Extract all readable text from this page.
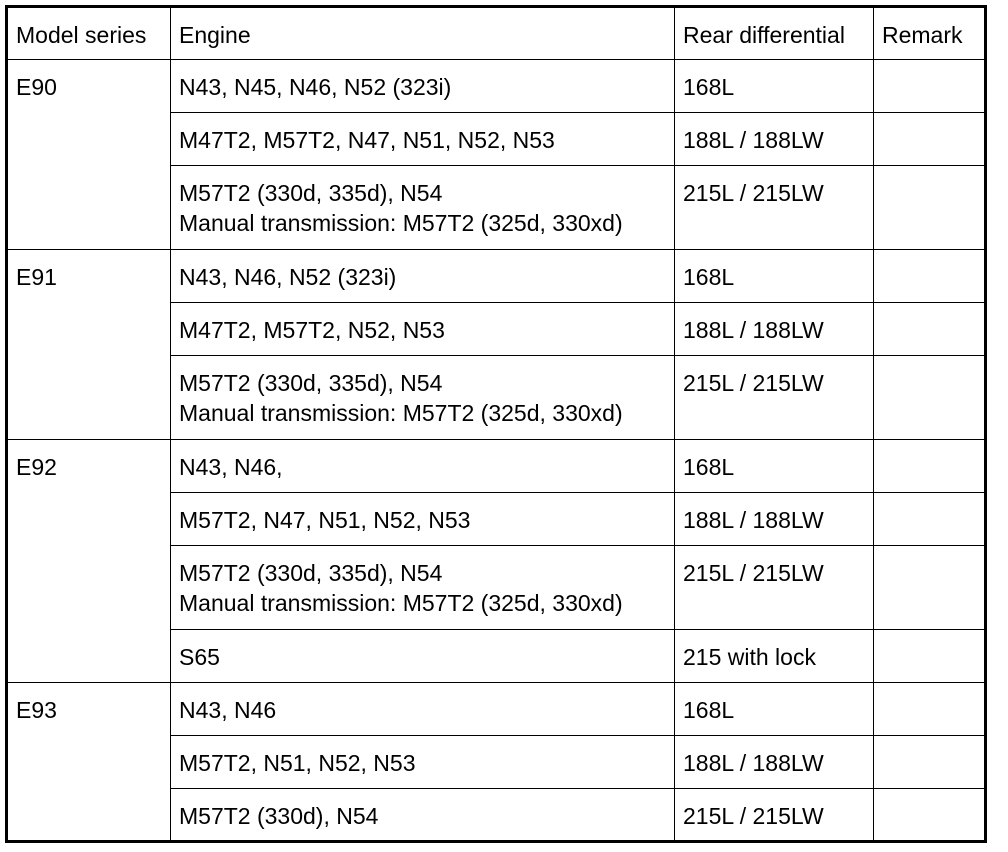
Model series	Engine	Rear differential	Remark
E90	N43, N45, N46, N52 (323i)	168L	

	M47T2, M57T2, N47, N51, N52, N53	188L / 188LW	

	M57T2 (330d, 335d), N54
Manual transmission: M57T2 (325d, 330xd)	215L / 215LW	
E91	N43, N46, N52 (323i)	168L	

	M47T2, M57T2, N52, N53	188L / 188LW	

	M57T2 (330d, 335d), N54
Manual transmission: M57T2 (325d, 330xd)	215L / 215LW	
E92	N43, N46,	168L	

	M57T2, N47, N51, N52, N53	188L / 188LW	

	M57T2 (330d, 335d), N54
Manual transmission: M57T2 (325d, 330xd)	215L / 215LW	

	S65	215 with lock	
E93	N43, N46	168L	

	M57T2, N51, N52, N53	188L / 188LW	

	M57T2 (330d), N54	215L / 215LW	
